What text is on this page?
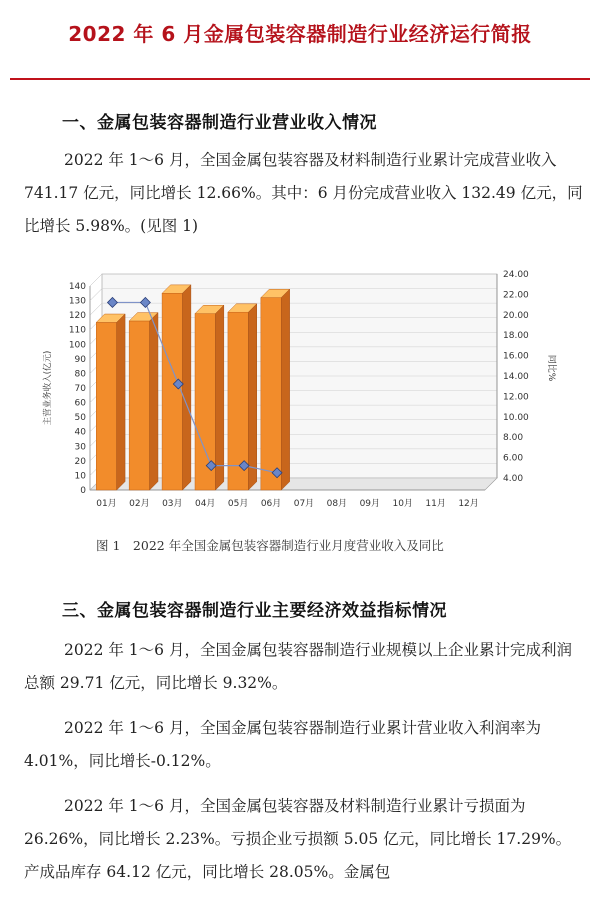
2022 年 6 月金属包装容器制造行业经济运行简报
一、金属包装容器制造行业营业收入情况
2022 年 1～6 月，全国金属包装容器及材料制造行业累计完成营业收入 741.17 亿元，同比增长 12.66%。其中：6 月份完成营业收入 132.49 亿元，同比增长 5.98%。(见图 1)
0
10
20
30
40
50
60
70
80
90
100
110
120
130
140
4.00
6.00
8.00
10.00
12.00
14.00
16.00
18.00
20.00
22.00
24.00
主营业务收入(亿元)	同比%
01月 02月 03月 04月 05月 06月 07月 08月 09月 10月 11月 12月
图 1　2022 年全国金属包装容器制造行业月度营业收入及同比
三、金属包装容器制造行业主要经济效益指标情况
2022 年 1～6 月，全国金属包装容器制造行业规模以上企业累计完成利润总额 29.71 亿元，同比增长 9.32%。
2022 年 1～6 月，全国金属包装容器制造行业累计营业收入利润率为 4.01%，同比增长-0.12%。
2022 年 1～6 月，全国金属包装容器及材料制造行业累计亏损面为 26.26%，同比增长 2.23%。亏损企业亏损额 5.05 亿元，同比增长 17.29%。产成品库存 64.12 亿元，同比增长 28.05%。金属包
